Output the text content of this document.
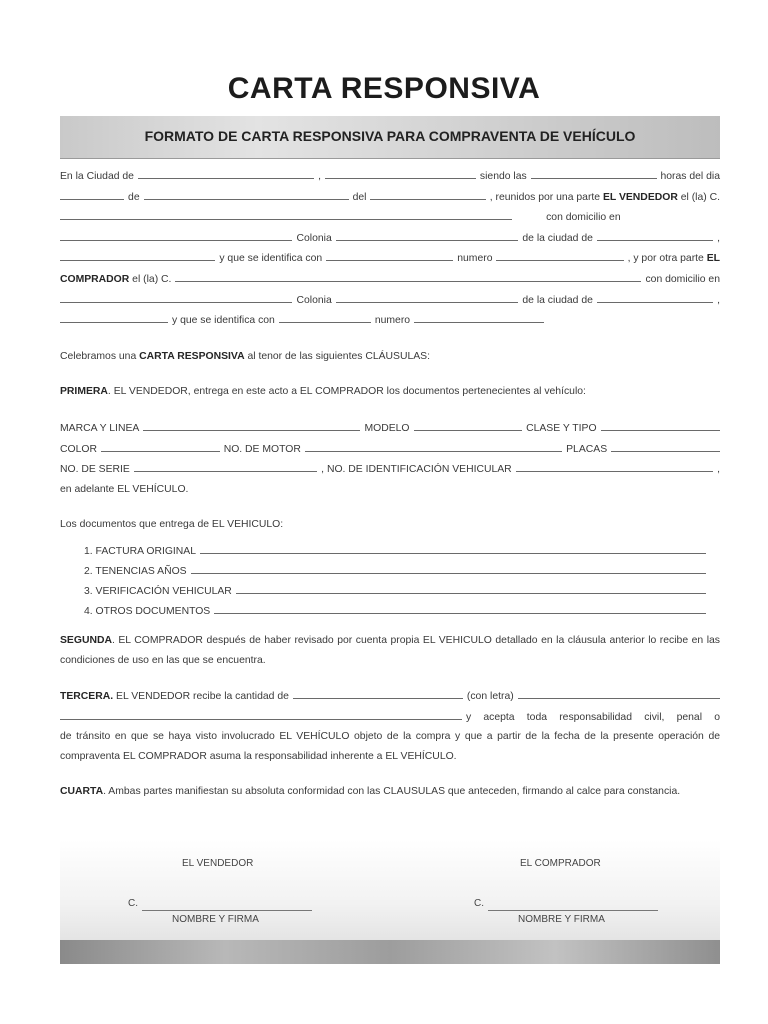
CARTA RESPONSIVA
FORMATO DE CARTA RESPONSIVA PARA COMPRAVENTA DE VEHÍCULO
En la Ciudad de	,	siendo las	horas del dia
de	del	, reunidos por una parte
EL VENDEDOR
el (la) C.
con domicilio en
Colonia	de la ciudad de	,
y que se identifica con	numero	, y por otra parte
EL
COMPRADOR
el (la) C.	con domicilio en
Colonia	de la ciudad de	,
y que se identifica con	numero
Celebramos una CARTA RESPONSIVA al tenor de las siguientes CLÁUSULAS:
PRIMERA. EL VENDEDOR, entrega en este acto a EL COMPRADOR los documentos pertenecientes al vehículo:
MARCA Y LINEA	MODELO	CLASE Y TIPO
COLOR	NO. DE MOTOR	PLACAS
NO. DE SERIE	, NO. DE IDENTIFICACIÓN VEHICULAR	,
en adelante EL VEHÍCULO.
Los documentos que entrega de EL VEHICULO:
1. FACTURA ORIGINAL
2. TENENCIAS AÑOS
3. VERIFICACIÓN VEHICULAR
4. OTROS DOCUMENTOS
SEGUNDA. EL COMPRADOR después de haber revisado por cuenta propia EL VEHICULO detallado en la cláusula anterior lo recibe en las condiciones de uso en las que se encuentra.
TERCERA.
EL VENDEDOR recibe la cantidad de	(con letra)
y acepta toda responsabilidad civil, penal o
de tránsito en que se haya visto involucrado EL VEHÍCULO objeto de la compra y que a partir de la fecha de la presente operación de compraventa EL COMPRADOR asuma la responsabilidad inherente a EL VEHÍCULO.
CUARTA. Ambas partes manifiestan su absoluta conformidad con las CLAUSULAS que anteceden, firmando al calce para constancia.
EL VENDEDOR
C.
NOMBRE Y FIRMA
EL COMPRADOR
C.
NOMBRE Y FIRMA
